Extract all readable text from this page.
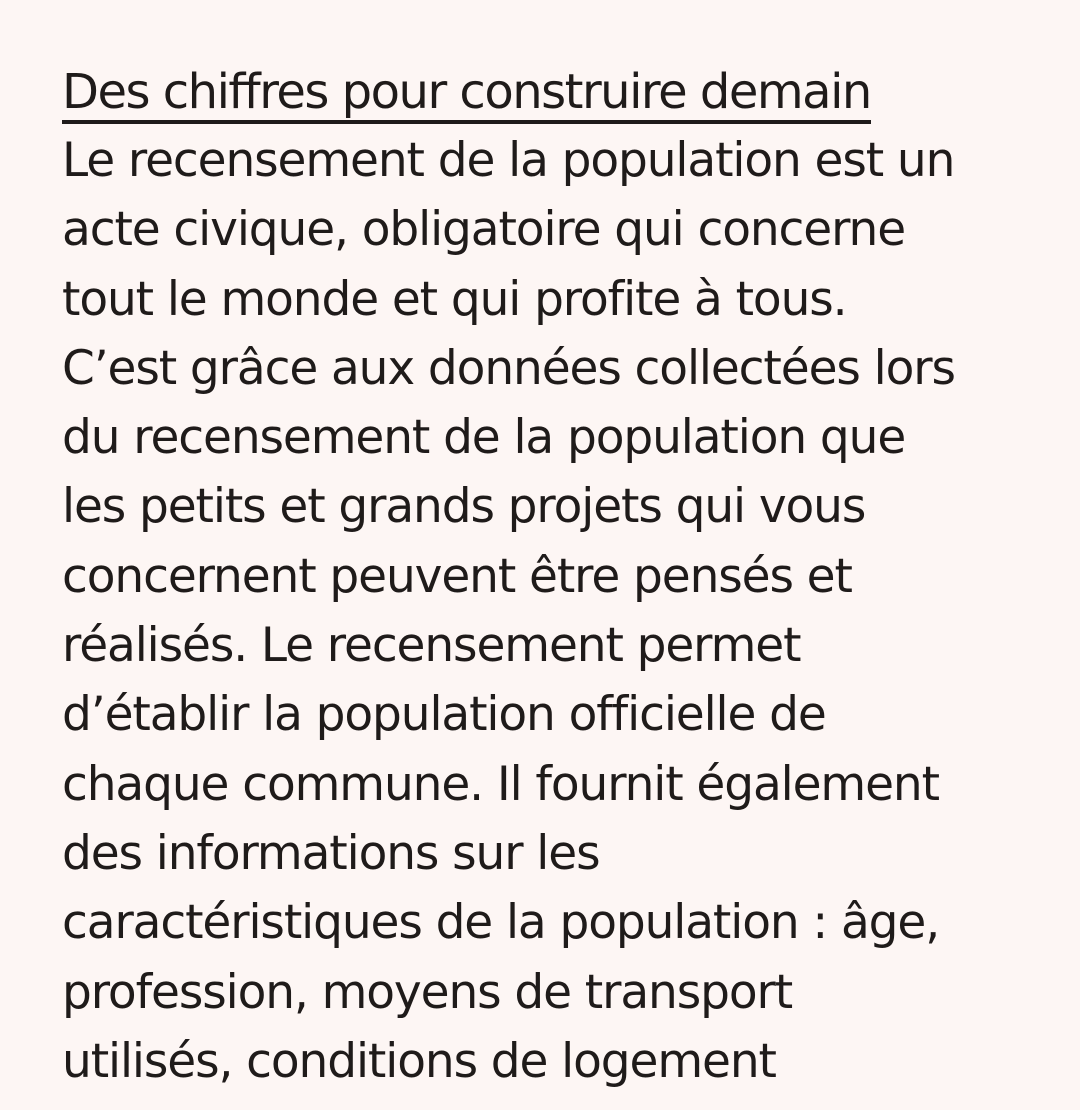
Des chiffres pour construire demain

Le recensement de la population est un
acte civique, obligatoire qui concerne
tout le monde et qui profite à tous.
C’est grâce aux données collectées lors
du recensement de la population que
les petits et grands projets qui vous
concernent peuvent être pensés et
réalisés. Le recensement permet
d’établir la population officielle de
chaque commune. Il fournit également
des informations sur les
caractéristiques de la population : âge,
profession, moyens de transport
utilisés, conditions de logement
